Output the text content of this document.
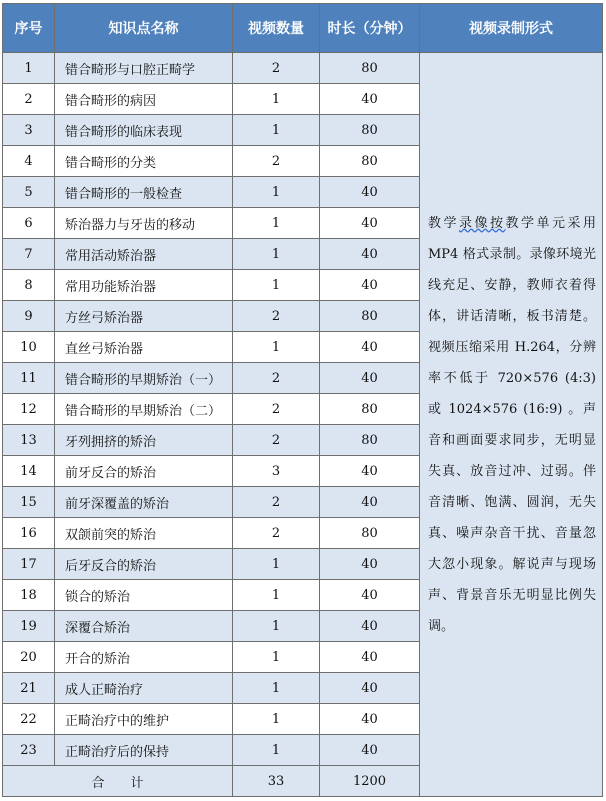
序号	知识点名称	视频数量	时长（分钟）	视频录制形式
1	错合畸形与口腔正畸学	2	80	教学录像按教学单元采用MP4 格式录制。录像环境光线充足、安静，教师衣着得体，讲话清晰，板书清楚。视频压缩采用 H.264，分辨率不低于 720×576 (4:3) 或 1024×576 (16:9) 。声音和画面要求同步，无明显失真、放音过冲、过弱。伴音清晰、饱满、圆润，无失真、噪声杂音干扰、音量忽大忽小现象。解说声与现场声、背景音乐无明显比例失调。
2	错合畸形的病因	1	40	
3	错合畸形的临床表现	1	80	
4	错合畸形的分类	2	80	
5	错合畸形的一般检查	1	40	
6	矫治器力与牙齿的移动	1	40	
7	常用活动矫治器	1	40	
8	常用功能矫治器	1	40	
9	方丝弓矫治器	2	80	
10	直丝弓矫治器	1	40	
11	错合畸形的早期矫治（一）	2	40	
12	错合畸形的早期矫治（二）	2	80	
13	牙列拥挤的矫治	2	80	
14	前牙反合的矫治	3	40	
15	前牙深覆盖的矫治	2	40	
16	双颌前突的矫治	2	80	
17	后牙反合的矫治	1	40	
18	锁合的矫治	1	40	
19	深覆合矫治	1	40	
20	开合的矫治	1	40	
21	成人正畸治疗	1	40	
22	正畸治疗中的维护	1	40	
23	正畸治疗后的保持	1	40	
合　　计		33	1200	
